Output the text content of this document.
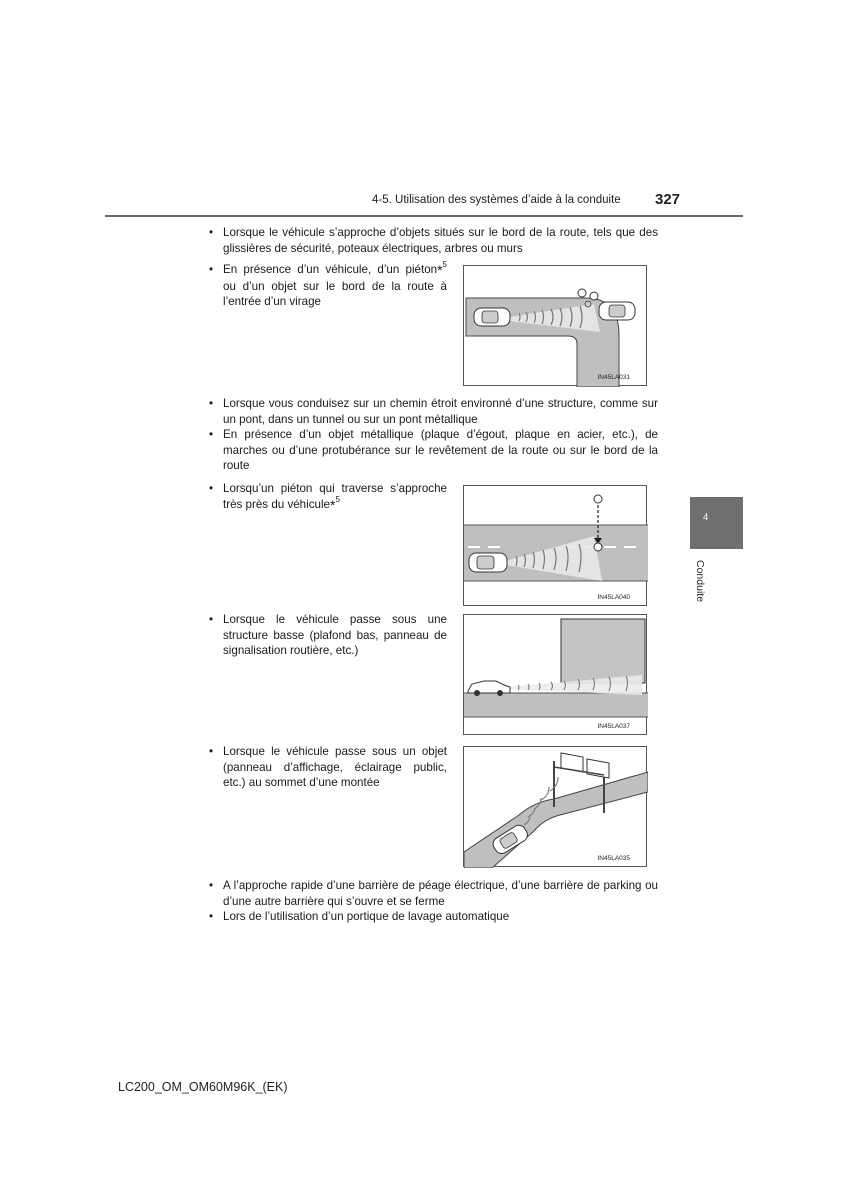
4-5. Utilisation des systèmes d’aide à la conduite 327
4
Conduite
• Lorsque le véhicule s’approche d’objets situés sur le bord de la route, tels que des glissières de sécurité, poteaux électriques, arbres ou murs
• En présence d’un véhicule, d’un piéton*$^5$ ou d’un objet sur le bord de la route à l’entrée d’un virage
IN45LA031
• Lorsque vous conduisez sur un chemin étroit environné d’une structure, comme sur un pont, dans un tunnel ou sur un pont métallique
• En présence d’un objet métallique (plaque d’égout, plaque en acier, etc.), de marches ou d’une protubérance sur le revêtement de la route ou sur le bord de la route
• Lorsqu’un piéton qui traverse s’approche très près du véhicule*$^5$
IN45LA040
• Lorsque le véhicule passe sous une structure basse (plafond bas, panneau de signalisation routière, etc.)
IN45LA037
• Lorsque le véhicule passe sous un objet (panneau d’affichage, éclairage public, etc.) au sommet d’une montée
IN45LA035
• A l’approche rapide d’une barrière de péage électrique, d’une barrière de parking ou d’une autre barrière qui s’ouvre et se ferme
• Lors de l’utilisation d’un portique de lavage automatique
LC200_OM_OM60M96K_(EK)
